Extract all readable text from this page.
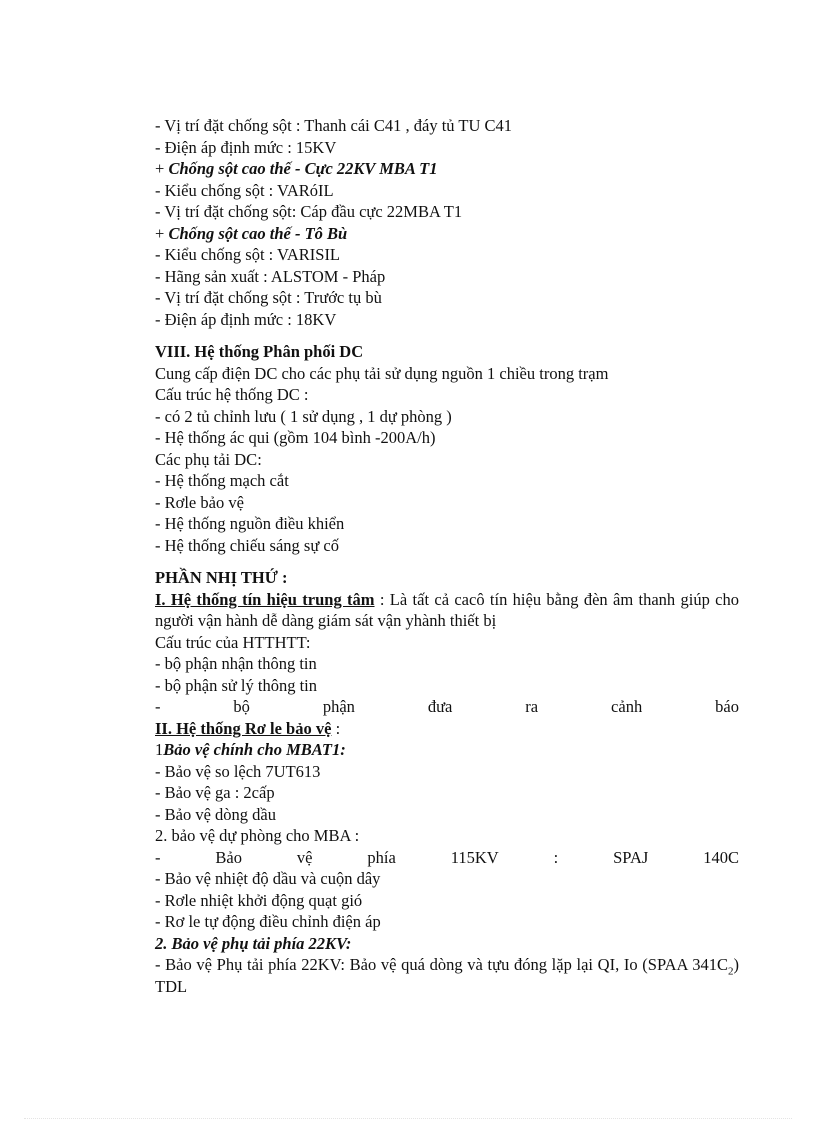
- Vị trí đặt chống sột : Thanh cái C41 , đáy tủ TU C41
- Điện áp định mức : 15KV
+ Chống sột cao thế - Cực 22KV MBA T1
- Kiểu chống sột : VARóIL
- Vị trí đặt chống sột: Cáp đầu cực 22MBA T1
+ Chống sột cao thế - Tô Bù
- Kiểu chống sột : VARISIL
- Hãng sản xuất : ALSTOM - Pháp
- Vị trí đặt chống sột : Trước tụ bù
- Điện áp định mức : 18KV
VIII. Hệ thống Phân phối DC
Cung cấp điện DC cho các phụ tải sử dụng nguồn 1 chiều trong trạm
Cấu trúc hệ thống DC :
- có 2 tủ chỉnh lưu ( 1 sử dụng , 1 dự phòng )
- Hệ thống ác qui (gồm 104 bình -200A/h)
Các phụ tải DC:
- Hệ thống mạch cắt
- Rơle bảo vệ
- Hệ thống nguồn điều khiển
- Hệ thống chiếu sáng sự cố
PHẦN NHỊ THỨ :
I. Hệ thống tín hiệu trung tâm : Là tất cả cacô tín hiệu bằng đèn âm thanh giúp cho người vận hành dễ dàng giám sát vận yhành thiết bị
Cấu trúc của HTTHTT:
- bộ phận nhận thông tin
- bộ phận sử lý thông tin
-	bộ	phận	đưa	ra	cảnh	báo
II. Hệ thống Rơ le bảo vệ :
1Bảo vệ chính cho MBAT1:
- Bảo vệ so lệch 7UT613
- Bảo vệ ga : 2cấp
- Bảo vệ dòng dầu
2. bảo vệ dự phòng cho MBA :
-	Bảo	vệ	phía	115KV	:	SPAJ	140C
- Bảo vệ nhiệt độ dầu và cuộn dây
- Rơle nhiệt khởi động quạt gió
- Rơ le tự động điều chỉnh điện áp
2. Bảo vệ phụ tải phía 22KV:
- Bảo vệ Phụ tải phía 22KV: Bảo vệ quá dòng và tựu đóng lặp lại QI, Io (SPAA $341C_2$) TDL
